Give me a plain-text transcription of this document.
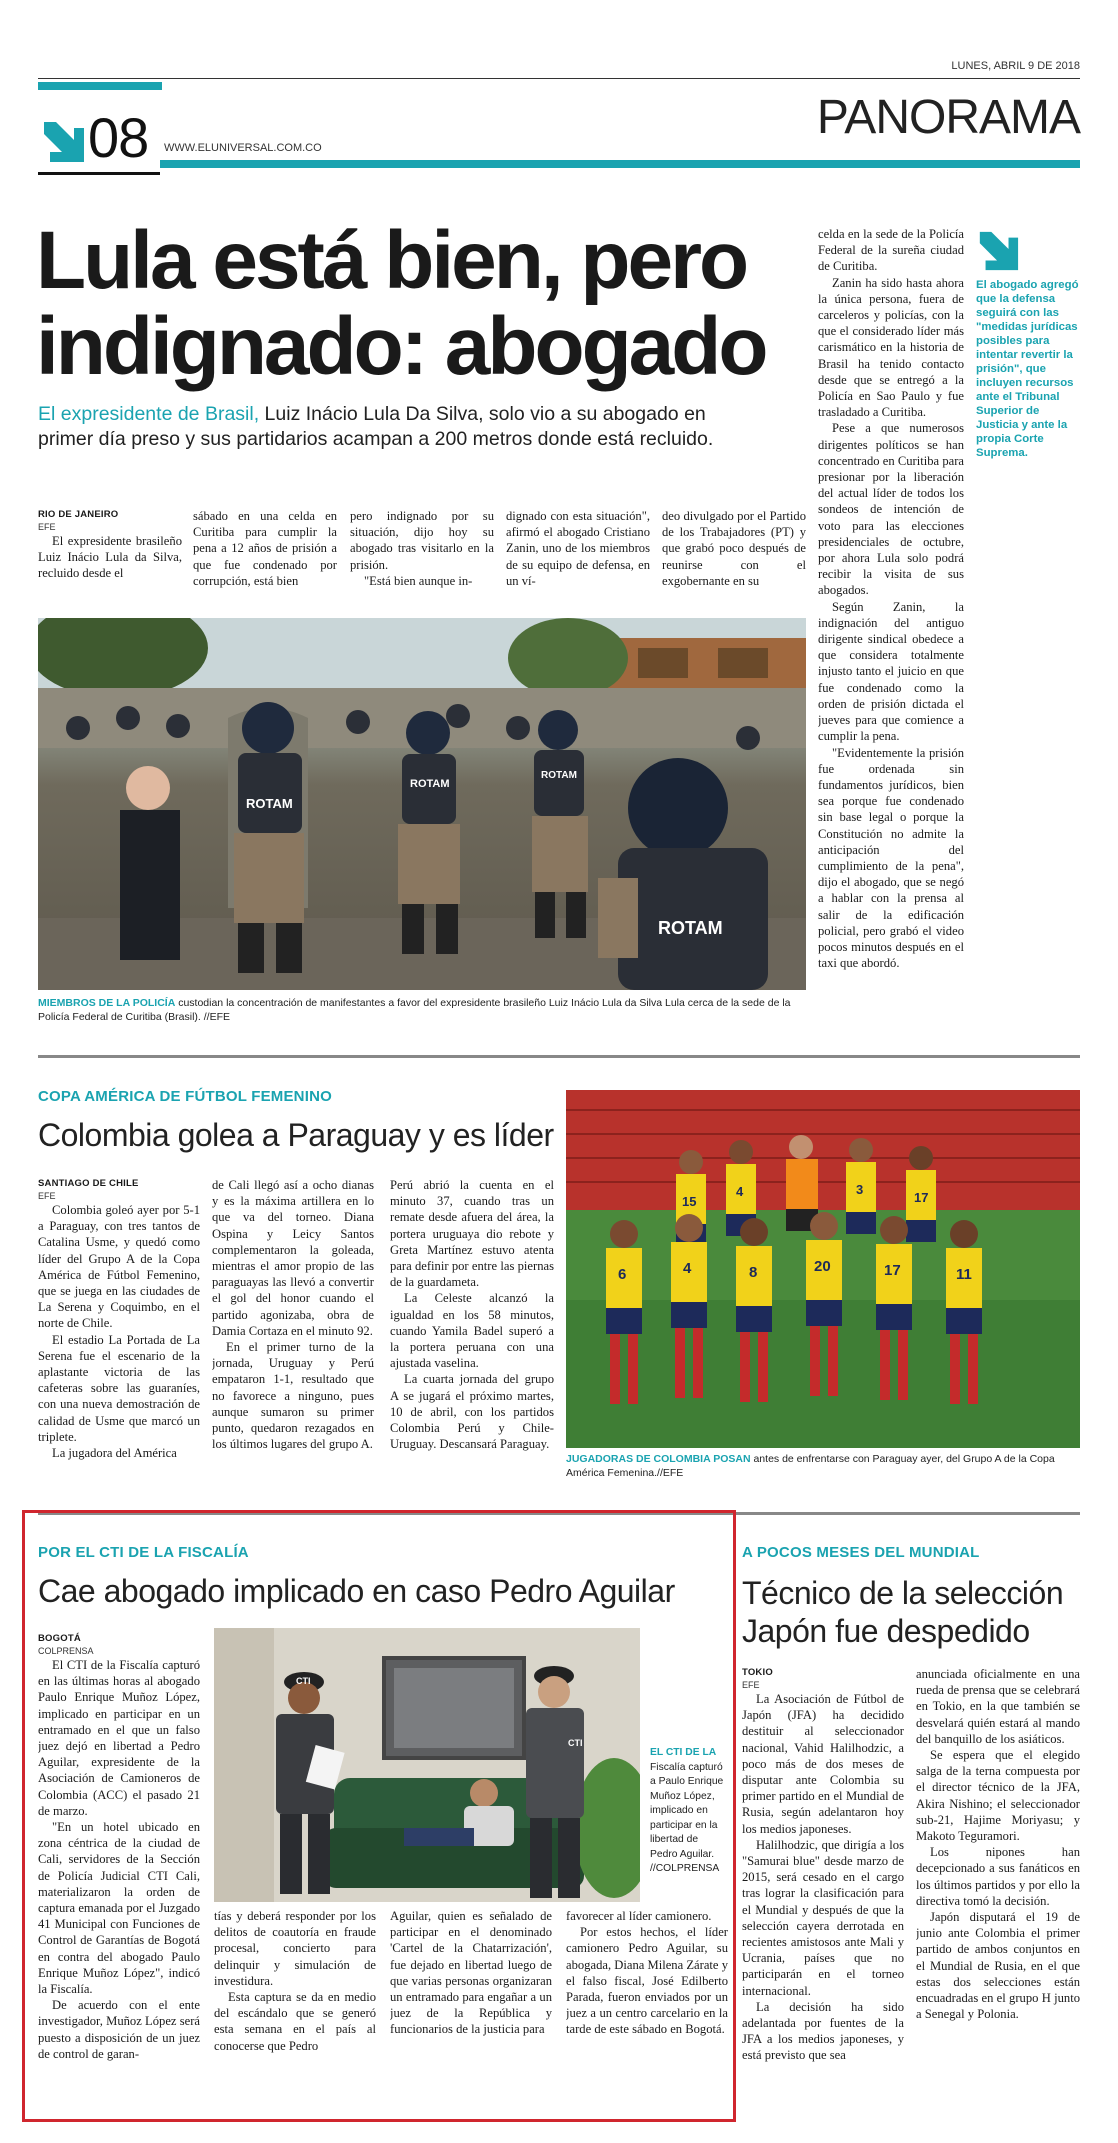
LUNES, ABRIL 9 DE 2018
08 WWW.ELUNIVERSAL.COM.CO
PANORAMA
Lula está bien, pero indignado: abogado
El expresidente de Brasil, Luiz Inácio Lula Da Silva, solo vio a su abogado en primer día preso y sus partidarios acampan a 200 metros donde está recluido.
RIO DE JANEIRO
EFE

El expresidente brasileño Luiz Inácio Lula da Silva, recluido desde el

sábado en una celda en Curitiba para cumplir la pena a 12 años de prisión a que fue condenado por corrupción, está bien

pero indignado por su situación, dijo hoy su abogado tras visitarlo en la prisión.

"Está bien aunque in-

dignado con esta situación", afirmó el abogado Cristiano Zanin, uno de los miembros de su equipo de defensa, en un ví-

deo divulgado por el Partido de los Trabajadores (PT) y que grabó poco después de reunirse con el exgobernante en su

ROTAM
ROTAM
ROTAM
ROTAM
MIEMBROS DE LA POLICÍA custodian la concentración de manifestantes a favor del expresidente brasileño Luiz Inácio Lula da Silva Lula cerca de la sede de la Policía Federal de Curitiba (Brasil). //EFE

celda en la sede de la Policía Federal de la sureña ciudad de Curitiba.

Zanin ha sido hasta ahora la única persona, fuera de carceleros y policías, con la que el considerado líder más carismático en la historia de Brasil ha tenido contacto desde que se entregó a la Policía en Sao Paulo y fue trasladado a Curitiba.

Pese a que numerosos dirigentes políticos se han concentrado en Curitiba para presionar por la liberación del actual líder de todos los sondeos de intención de voto para las elecciones presidenciales de octubre, por ahora Lula solo podrá recibir la visita de sus abogados.

Según Zanin, la indignación del antiguo dirigente sindical obedece a que considera totalmente injusto tanto el juicio en que fue condenado como la orden de prisión dictada el jueves para que comience a cumplir la pena.

"Evidentemente la prisión fue ordenada sin fundamentos jurídicos, bien sea porque fue condenado sin base legal o porque la Constitución no admite la anticipación del cumplimiento de la pena", dijo el abogado, que se negó a hablar con la prensa al salir de la edificación policial, pero grabó el video pocos minutos después en el taxi que abordó.

El abogado agregó que la defensa seguirá con las "medidas jurídicas posibles para intentar revertir la prisión", que incluyen recursos ante el Tribunal Superior de Justicia y ante la propia Corte Suprema.
COPA AMÉRICA DE FÚTBOL FEMENINO
Colombia golea a Paraguay y es líder
SANTIAGO DE CHILE
EFE

Colombia goleó ayer por 5-1 a Paraguay, con tres tantos de Catalina Usme, y quedó como líder del Grupo A de la Copa América de Fútbol Femenino, que se juega en las ciudades de La Serena y Coquimbo, en el norte de Chile.

El estadio La Portada de La Serena fue el escenario de la aplastante victoria de las cafeteras sobre las guaraníes, con una nueva demostración de calidad de Usme que marcó un triplete.

La jugadora del América

de Cali llegó así a ocho dianas y es la máxima artillera en lo que va del torneo. Diana Ospina y Leicy Santos complementaron la goleada, mientras el amor propio de las paraguayas las llevó a convertir el gol del honor cuando el partido agonizaba, obra de Damia Cortaza en el minuto 92.

En el primer turno de la jornada, Uruguay y Perú empataron 1-1, resultado que no favorece a ninguno, pues aunque sumaron su primer punto, quedaron rezagados en los últimos lugares del grupo A.

Perú abrió la cuenta en el minuto 37, cuando tras un remate desde afuera del área, la portera uruguaya dio rebote y Greta Martínez estuvo atenta para definir por entre las piernas de la guardameta.

La Celeste alcanzó la igualdad en los 58 minutos, cuando Yamila Badel superó a la portera peruana con una ajustada vaselina.

La cuarta jornada del grupo A se jugará el próximo martes, 10 de abril, con los partidos Colombia Perú y Chile-Uruguay. Descansará Paraguay.

15
4	3
17
6	4	8	20	17	11
JUGADORAS DE COLOMBIA POSAN antes de enfrentarse con Paraguay ayer, del Grupo A de la Copa América Femenina.//EFE
POR EL CTI DE LA FISCALÍA
Cae abogado implicado en caso Pedro Aguilar
BOGOTÁ
COLPRENSA

El CTI de la Fiscalía capturó en las últimas horas al abogado Paulo Enrique Muñoz López, implicado en participar en un entramado en el que un falso juez dejó en libertad a Pedro Aguilar, expresidente de la Asociación de Camioneros de Colombia (ACC) el pasado 21 de marzo.

"En un hotel ubicado en zona céntrica de la ciudad de Cali, servidores de la Sección de Policía Judicial CTI Cali, materializaron la orden de captura emanada por el Juzgado 41 Municipal con Funciones de Control de Garantías de Bogotá en contra del abogado Paulo Enrique Muñoz López", indicó la Fiscalía.

De acuerdo con el ente investigador, Muñoz López será puesto a disposición de un juez de control de garan-

CTI
CTI
EL CTI DE LA Fiscalía capturó a Paulo Enrique Muñoz López, implicado en participar en la libertad de Pedro Aguilar. //COLPRENSA

tías y deberá responder por los delitos de coautoría en fraude procesal, concierto para delinquir y simulación de investidura.

Esta captura se da en medio del escándalo que se generó esta semana en el país al conocerse que Pedro

Aguilar, quien es señalado de participar en el denominado 'Cartel de la Chatarrización', fue dejado en libertad luego de que varias personas organizaran un entramado para engañar a un juez de la República y funcionarios de la justicia para

favorecer al líder camionero.

Por estos hechos, el líder camionero Pedro Aguilar, su abogada, Diana Milena Zárate y el falso fiscal, José Edilberto Parada, fueron enviados por un juez a un centro carcelario en la tarde de este sábado en Bogotá.

A POCOS MESES DEL MUNDIAL
Técnico de la selección Japón fue despedido
TOKIO
EFE

La Asociación de Fútbol de Japón (JFA) ha decidido destituir al seleccionador nacional, Vahid Halilhodzic, a poco más de dos meses de disputar ante Colombia su primer partido en el Mundial de Rusia, según adelantaron hoy los medios japoneses.

Halilhodzic, que dirigía a los "Samurai blue" desde marzo de 2015, será cesado en el cargo tras lograr la clasificación para el Mundial y después de que la selección cayera derrotada en recientes amistosos ante Mali y Ucrania, países que no participarán en el torneo internacional.

La decisión ha sido adelantada por fuentes de la JFA a los medios japoneses, y está previsto que sea

anunciada oficialmente en una rueda de prensa que se celebrará en Tokio, en la que también se desvelará quién estará al mando del banquillo de los asiáticos.

Se espera que el elegido salga de la terna compuesta por el director técnico de la JFA, Akira Nishino; el seleccionador sub-21, Hajime Moriyasu; y Makoto Teguramori.

Los nipones han decepcionado a sus fanáticos en los últimos partidos y por ello la directiva tomó la decisión.

Japón disputará el 19 de junio ante Colombia el primer partido de ambos conjuntos en el Mundial de Rusia, en el que estas dos selecciones están encuadradas en el grupo H junto a Senegal y Polonia.
